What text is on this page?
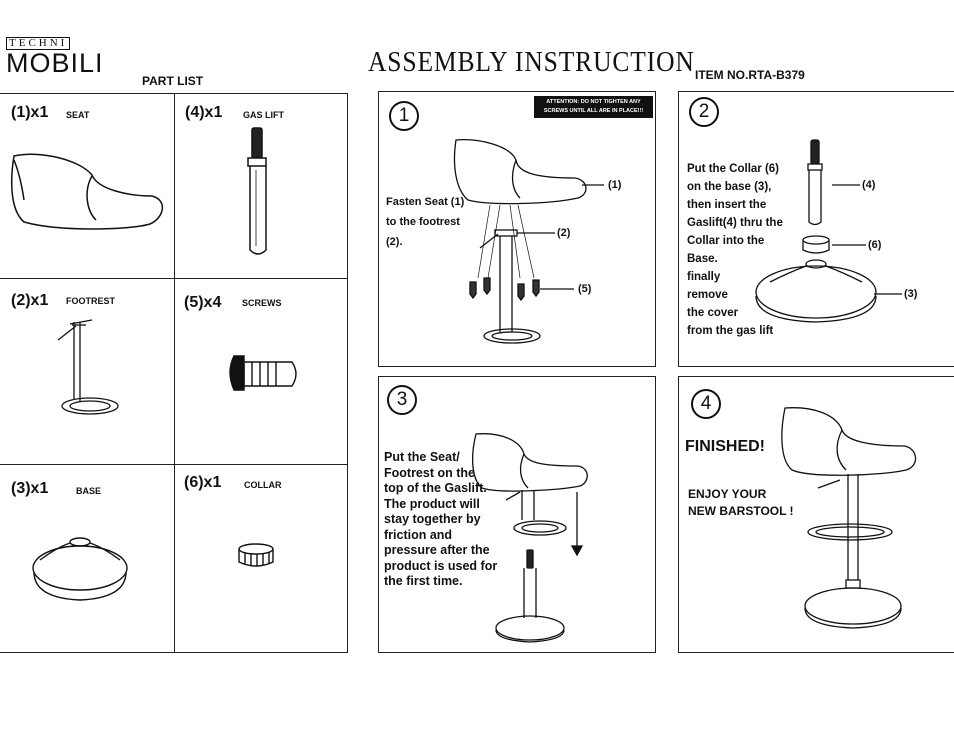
TECHNI
MOBILI
PART LIST
ASSEMBLY INSTRUCTION ITEM NO.RTA-B379
(1)x1 SEAT	(4)x1 GAS LIFT
(2)x1 FOOTREST	(5)x4 SCREWS
(3)x1	BASE	(6)x1	COLLAR
1
ATTENTION: DO NOT TIGHTEN ANY SCREWS UNTIL ALL ARE IN PLACE!!!
Fasten Seat (1)
to the footrest
(2).
(1)
(2)
(5)
2
Put the Collar (6)
on the base (3),
then insert the
Gaslift(4) thru the
Collar into the
Base.
finally
remove
the cover
from the gas lift
(4)
(6)
(3)
3
Put the Seat/
Footrest on the
top of the Gaslift.
The product will
stay together by
friction and
pressure after the
product is used for
the first time.
4
FINISHED!
ENJOY YOUR
NEW BARSTOOL !
